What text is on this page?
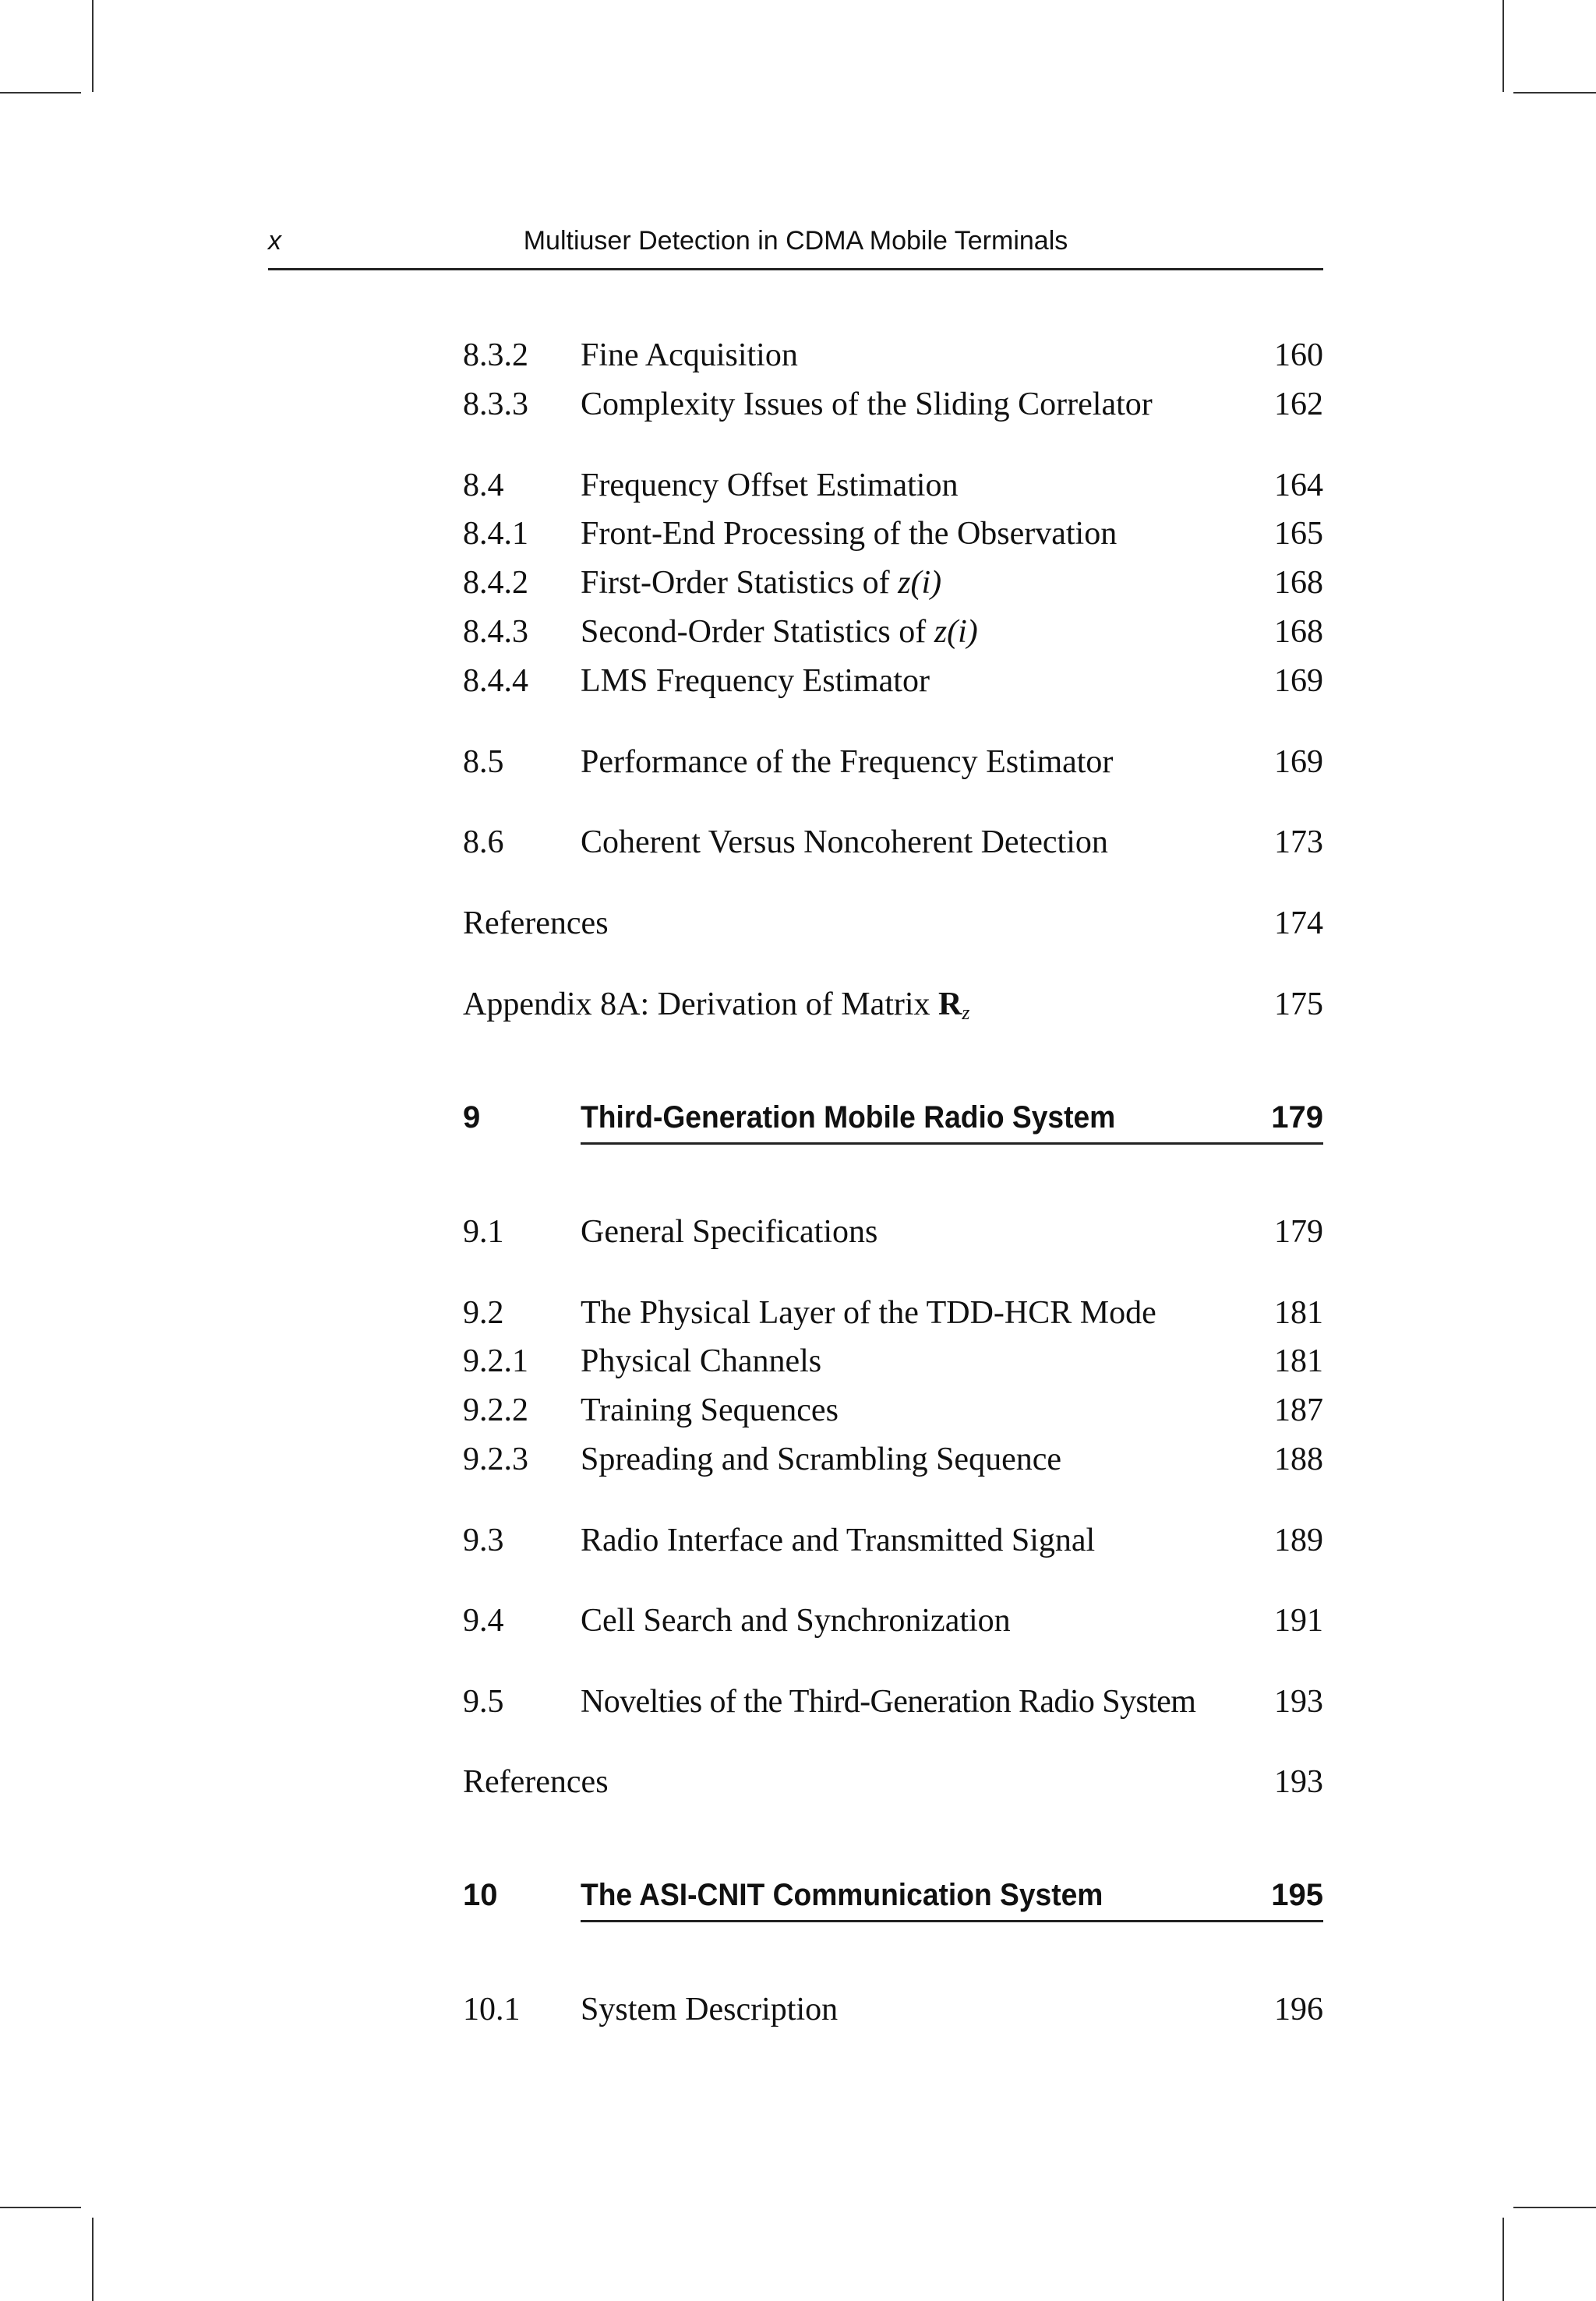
x	Multiuser Detection in CDMA Mobile Terminals
8.3.2 Fine Acquisition	160
8.3.3 Complexity Issues of the Sliding Correlator	162
8.4 Frequency Offset Estimation	164
8.4.1 Front-End Processing of the Observation	165
8.4.2 First-Order Statistics of z(i)	168
8.4.3 Second-Order Statistics of z(i)	168
8.4.4 LMS Frequency Estimator	169
8.5 Performance of the Frequency Estimator	169
8.6 Coherent Versus Noncoherent Detection	173
References	174
Appendix 8A: Derivation of Matrix $R_z$	175
9	Third-Generation Mobile Radio System	179
9.1 General Specifications	179
9.2 The Physical Layer of the TDD-HCR Mode	181
9.2.1 Physical Channels	181
9.2.2 Training Sequences	187
9.2.3 Spreading and Scrambling Sequence	188
9.3 Radio Interface and Transmitted Signal	189
9.4 Cell Search and Synchronization	191
9.5 Novelties of the Third-Generation Radio System 193
References	193
10	The ASI-CNIT Communication System	195
10.1 System Description	196
